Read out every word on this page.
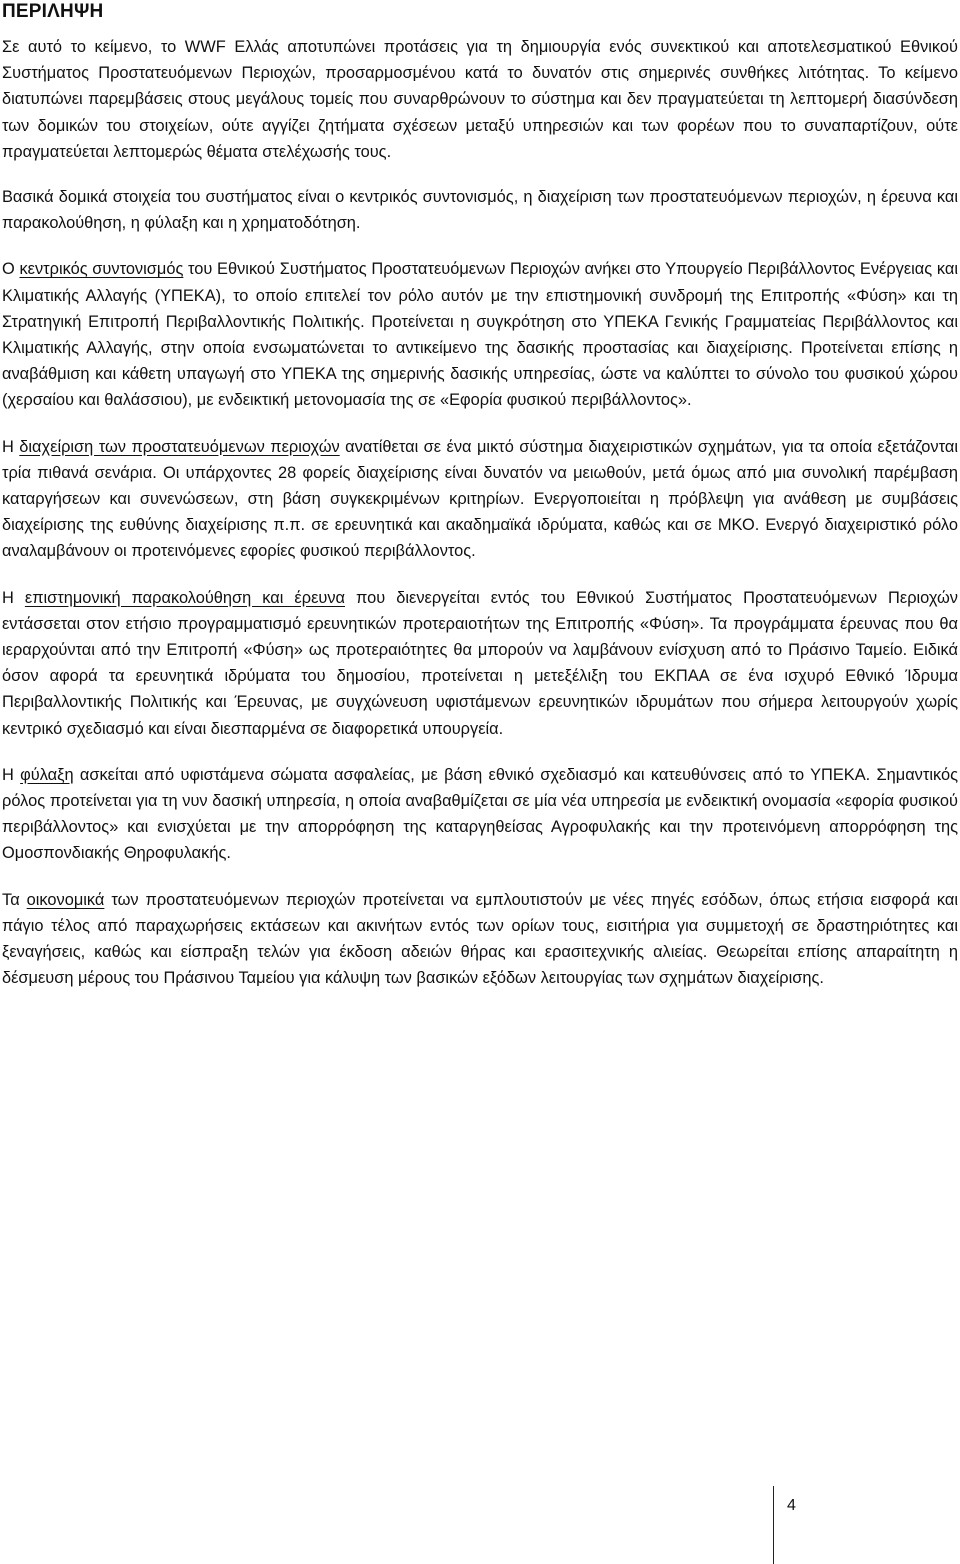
ΠΕΡΙΛΗΨΗ

Σε αυτό το κείμενο, το WWF Ελλάς αποτυπώνει προτάσεις για τη δημιουργία ενός συνεκτικού και αποτελεσματικού Εθνικού Συστήματος Προστατευόμενων Περιοχών, προσαρμοσμένου κατά το δυνατόν στις σημερινές συνθήκες λιτότητας. Το κείμενο διατυπώνει παρεμβάσεις στους μεγάλους τομείς που συναρθρώνουν το σύστημα και δεν πραγματεύεται τη λεπτομερή διασύνδεση των δομικών του στοιχείων, ούτε αγγίζει ζητήματα σχέσεων μεταξύ υπηρεσιών και των φορέων που το συναπαρτίζουν, ούτε πραγματεύεται λεπτομερώς θέματα στελέχωσής τους.

Βασικά δομικά στοιχεία του συστήματος είναι ο κεντρικός συντονισμός, η διαχείριση των προστατευόμενων περιοχών, η έρευνα και παρακολούθηση, η φύλαξη και η χρηματοδότηση.

Ο κεντρικός συντονισμός του Εθνικού Συστήματος Προστατευόμενων Περιοχών ανήκει στο Υπουργείο Περιβάλλοντος Ενέργειας και Κλιματικής Αλλαγής (ΥΠΕΚΑ), το οποίο επιτελεί τον ρόλο αυτόν με την επιστημονική συνδρομή της Επιτροπής «Φύση» και τη Στρατηγική Επιτροπή Περιβαλλοντικής Πολιτικής. Προτείνεται η συγκρότηση στο ΥΠΕΚΑ Γενικής Γραμματείας Περιβάλλοντος και Κλιματικής Αλλαγής, στην οποία ενσωματώνεται το αντικείμενο της δασικής προστασίας και διαχείρισης. Προτείνεται επίσης η αναβάθμιση και κάθετη υπαγωγή στο ΥΠΕΚΑ της σημερινής δασικής υπηρεσίας, ώστε να καλύπτει το σύνολο του φυσικού χώρου (χερσαίου και θαλάσσιου), με ενδεικτική μετονομασία της σε «Εφορία φυσικού περιβάλλοντος».

Η διαχείριση των προστατευόμενων περιοχών ανατίθεται σε ένα μικτό σύστημα διαχειριστικών σχημάτων, για τα οποία εξετάζονται τρία πιθανά σενάρια. Οι υπάρχοντες 28 φορείς διαχείρισης είναι δυνατόν να μειωθούν, μετά όμως από μια συνολική παρέμβαση καταργήσεων και συνενώσεων, στη βάση συγκεκριμένων κριτηρίων. Ενεργοποιείται η πρόβλεψη για ανάθεση με συμβάσεις διαχείρισης της ευθύνης διαχείρισης π.π. σε ερευνητικά και ακαδημαϊκά ιδρύματα, καθώς και σε ΜΚΟ. Ενεργό διαχειριστικό ρόλο αναλαμβάνουν οι προτεινόμενες εφορίες φυσικού περιβάλλοντος.

Η επιστημονική παρακολούθηση και έρευνα που διενεργείται εντός του Εθνικού Συστήματος Προστατευόμενων Περιοχών εντάσσεται στον ετήσιο προγραμματισμό ερευνητικών προτεραιοτήτων της Επιτροπής «Φύση». Τα προγράμματα έρευνας που θα ιεραρχούνται από την Επιτροπή «Φύση» ως προτεραιότητες θα μπορούν να λαμβάνουν ενίσχυση από το Πράσινο Ταμείο. Ειδικά όσον αφορά τα ερευνητικά ιδρύματα του δημοσίου, προτείνεται η μετεξέλιξη του ΕΚΠΑΑ σε ένα ισχυρό Εθνικό Ίδρυμα Περιβαλλοντικής Πολιτικής και Έρευνας, με συγχώνευση υφιστάμενων ερευνητικών ιδρυμάτων που σήμερα λειτουργούν χωρίς κεντρικό σχεδιασμό και είναι διεσπαρμένα σε διαφορετικά υπουργεία.

Η φύλαξη ασκείται από υφιστάμενα σώματα ασφαλείας, με βάση εθνικό σχεδιασμό και κατευθύνσεις από το ΥΠΕΚΑ. Σημαντικός ρόλος προτείνεται για τη νυν δασική υπηρεσία, η οποία αναβαθμίζεται σε μία νέα υπηρεσία με ενδεικτική ονομασία «εφορία φυσικού περιβάλλοντος» και ενισχύεται με την απορρόφηση της καταργηθείσας Αγροφυλακής και την προτεινόμενη απορρόφηση της Ομοσπονδιακής Θηροφυλακής.

Τα οικονομικά των προστατευόμενων περιοχών προτείνεται να εμπλουτιστούν με νέες πηγές εσόδων, όπως ετήσια εισφορά και πάγιο τέλος από παραχωρήσεις εκτάσεων και ακινήτων εντός των ορίων τους, εισιτήρια για συμμετοχή σε δραστηριότητες και ξεναγήσεις, καθώς και είσπραξη τελών για έκδοση αδειών θήρας και ερασιτεχνικής αλιείας. Θεωρείται επίσης απαραίτητη η δέσμευση μέρους του Πράσινου Ταμείου για κάλυψη των βασικών εξόδων λειτουργίας των σχημάτων διαχείρισης.

4
